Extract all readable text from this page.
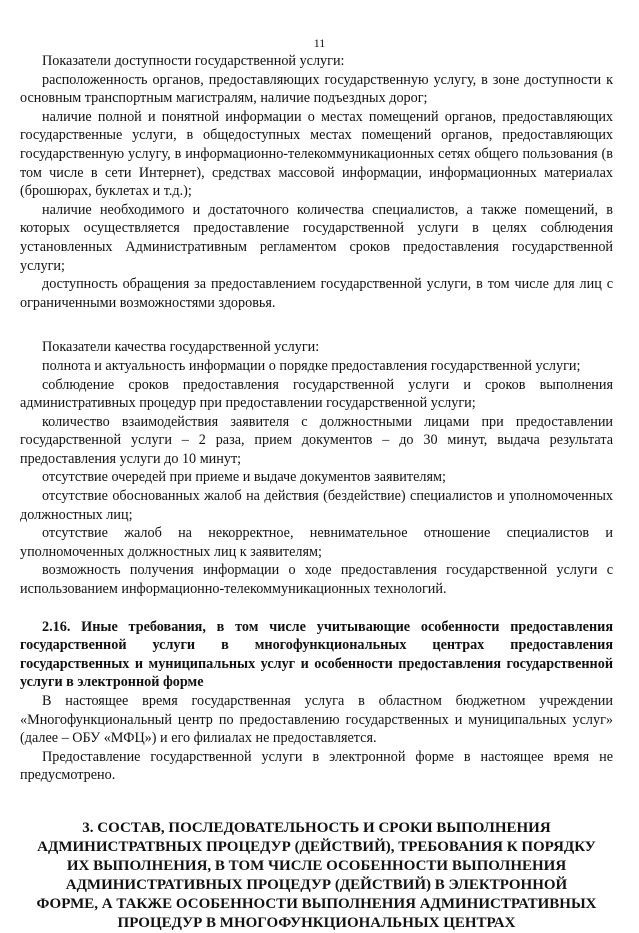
11

Показатели доступности государственной услуги:

расположенность органов, предоставляющих государственную услугу, в зоне доступности к основным транспортным магистралям, наличие подъездных дорог;

наличие полной и понятной информации о местах помещений органов, предоставляющих государственные услуги, в общедоступных местах помещений органов, предоставляющих государственную услугу, в информационно-телекоммуникационных сетях общего пользования (в том числе в сети Интернет), средствах массовой информации, информационных материалах (брошюрах, буклетах и т.д.);

наличие необходимого и достаточного количества специалистов, а также помещений, в которых осуществляется предоставление государственной услуги в целях соблюдения установленных Административным регламентом сроков предоставления государственной услуги;

доступность обращения за предоставлением государственной услуги, в том числе для лиц с ограниченными возможностями здоровья.

Показатели качества государственной услуги:

полнота и актуальность информации о порядке предоставления государственной услуги;

соблюдение сроков предоставления государственной услуги и сроков выполнения административных процедур при предоставлении государственной услуги;

количество взаимодействия заявителя с должностными лицами при предоставлении государственной услуги – 2 раза, прием документов – до 30 минут, выдача результата предоставления услуги до 10 минут;

отсутствие очередей при приеме и выдаче документов заявителям;

отсутствие обоснованных жалоб на действия (бездействие) специалистов и уполномоченных должностных лиц;

отсутствие жалоб на некорректное, невнимательное отношение специалистов и уполномоченных должностных лиц к заявителям;

возможность получения информации о ходе предоставления государственной услуги с использованием информационно-телекоммуникационных технологий.

2.16. Иные требования, в том числе учитывающие особенности предоставления государственной услуги в многофункциональных центрах предоставления государственных и муниципальных услуг и особенности предоставления государственной услуги в электронной форме

В настоящее время государственная услуга в областном бюджетном учреждении «Многофункциональный центр по предоставлению государственных и муниципальных услуг» (далее – ОБУ «МФЦ») и его филиалах не предоставляется.

Предоставление государственной услуги в электронной форме в настоящее время не предусмотрено.

3. СОСТАВ, ПОСЛЕДОВАТЕЛЬНОСТЬ И СРОКИ ВЫПОЛНЕНИЯ АДМИНИСТРАТВНЫХ ПРОЦЕДУР (ДЕЙСТВИЙ), ТРЕБОВАНИЯ К ПОРЯДКУ ИХ ВЫПОЛНЕНИЯ, В ТОМ ЧИСЛЕ ОСОБЕННОСТИ ВЫПОЛНЕНИЯ АДМИНИСТРАТИВНЫХ ПРОЦЕДУР (ДЕЙСТВИЙ) В ЭЛЕКТРОННОЙ ФОРМЕ, А ТАКЖЕ ОСОБЕННОСТИ ВЫПОЛНЕНИЯ АДМИНИСТРАТИВНЫХ ПРОЦЕДУР В МНОГОФУНКЦИОНАЛЬНЫХ ЦЕНТРАХ
